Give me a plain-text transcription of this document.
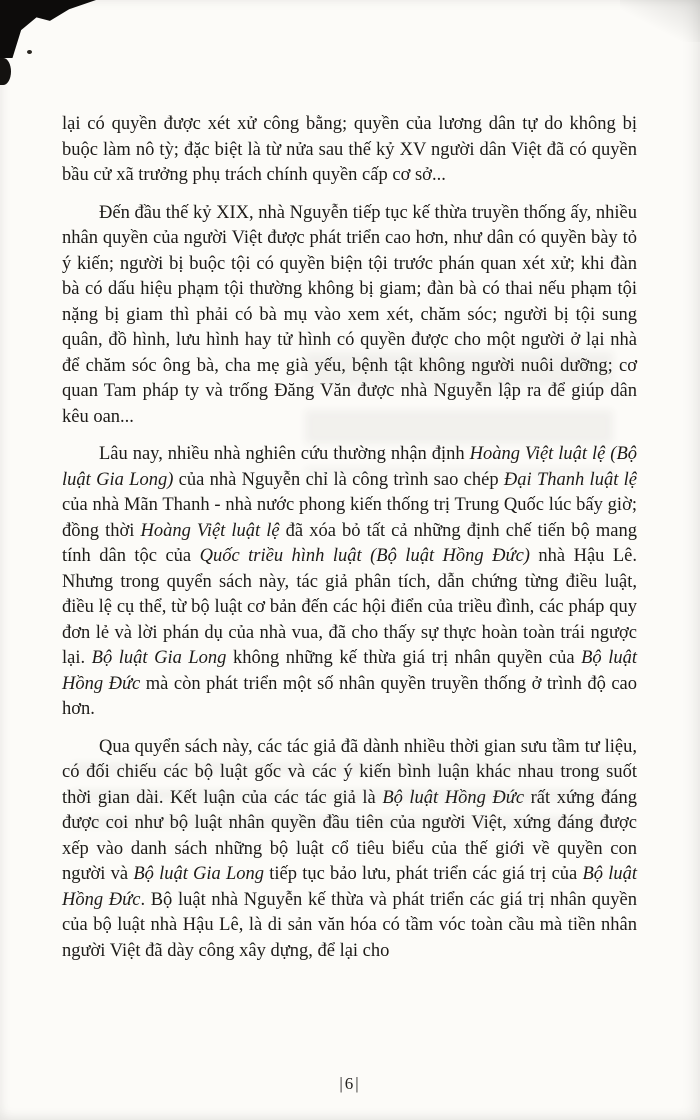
lại có quyền được xét xử công bằng; quyền của lương dân tự do không bị buộc làm nô tỳ; đặc biệt là từ nửa sau thế kỷ XV người dân Việt đã có quyền bầu cử xã trưởng phụ trách chính quyền cấp cơ sở...

Đến đầu thế kỷ XIX, nhà Nguyễn tiếp tục kế thừa truyền thống ấy, nhiều nhân quyền của người Việt được phát triển cao hơn, như dân có quyền bày tỏ ý kiến; người bị buộc tội có quyền biện tội trước phán quan xét xử; khi đàn bà có dấu hiệu phạm tội thường không bị giam; đàn bà có thai nếu phạm tội nặng bị giam thì phải có bà mụ vào xem xét, chăm sóc; người bị tội sung quân, đồ hình, lưu hình hay tử hình có quyền được cho một người ở lại nhà để chăm sóc ông bà, cha mẹ già yếu, bệnh tật không người nuôi dưỡng; cơ quan Tam pháp ty và trống Đăng Văn được nhà Nguyễn lập ra để giúp dân kêu oan...

Lâu nay, nhiều nhà nghiên cứu thường nhận định Hoàng Việt luật lệ (Bộ luật Gia Long) của nhà Nguyễn chỉ là công trình sao chép Đại Thanh luật lệ của nhà Mãn Thanh - nhà nước phong kiến thống trị Trung Quốc lúc bấy giờ; đồng thời Hoàng Việt luật lệ đã xóa bỏ tất cả những định chế tiến bộ mang tính dân tộc của Quốc triều hình luật (Bộ luật Hồng Đức) nhà Hậu Lê. Nhưng trong quyển sách này, tác giả phân tích, dẫn chứng từng điều luật, điều lệ cụ thể, từ bộ luật cơ bản đến các hội điển của triều đình, các pháp quy đơn lẻ và lời phán dụ của nhà vua, đã cho thấy sự thực hoàn toàn trái ngược lại. Bộ luật Gia Long không những kế thừa giá trị nhân quyền của Bộ luật Hồng Đức mà còn phát triển một số nhân quyền truyền thống ở trình độ cao hơn.

Qua quyển sách này, các tác giả đã dành nhiều thời gian sưu tầm tư liệu, có đối chiếu các bộ luật gốc và các ý kiến bình luận khác nhau trong suốt thời gian dài. Kết luận của các tác giả là Bộ luật Hồng Đức rất xứng đáng được coi như bộ luật nhân quyền đầu tiên của người Việt, xứng đáng được xếp vào danh sách những bộ luật cổ tiêu biểu của thế giới về quyền con người và Bộ luật Gia Long tiếp tục bảo lưu, phát triển các giá trị của Bộ luật Hồng Đức. Bộ luật nhà Nguyễn kế thừa và phát triển các giá trị nhân quyền của bộ luật nhà Hậu Lê, là di sản văn hóa có tầm vóc toàn cầu mà tiền nhân người Việt đã dày công xây dựng, để lại cho

|6|
